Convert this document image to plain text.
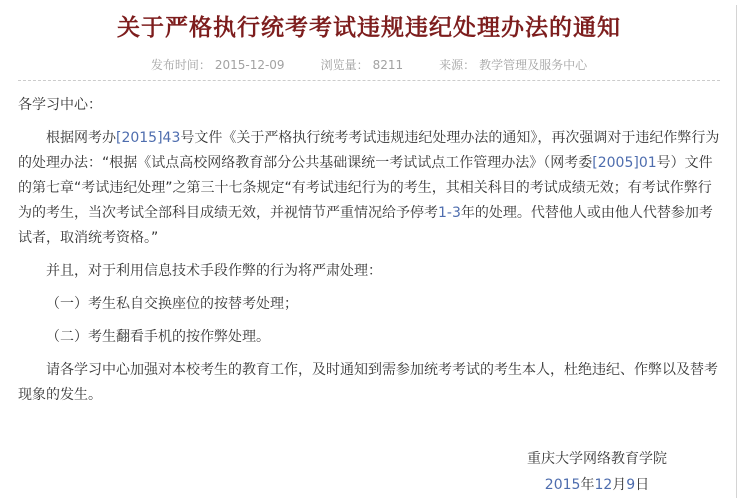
关于严格执行统考考试违规违纪处理办法的通知
发布时间： 2015-12-09	浏览量： 8211	来源： 教学管理及服务中心

各学习中心：

根据网考办[2015]43号文件《关于严格执行统考考试违规违纪处理办法的通知》，再次强调对于违纪作弊行为的处理办法：“根据《试点高校网络教育部分公共基础课统一考试试点工作管理办法》（网考委[2005]01号）文件的第七章“考试违纪处理”之第三十七条规定“有考试违纪行为的考生，其相关科目的考试成绩无效；有考试作弊行为的考生，当次考试全部科目成绩无效，并视情节严重情况给予停考1-3年的处理。代替他人或由他人代替参加考试者，取消统考资格。”

并且，对于利用信息技术手段作弊的行为将严肃处理：

（一）考生私自交换座位的按替考处理；

（二）考生翻看手机的按作弊处理。

请各学习中心加强对本校考生的教育工作，及时通知到需参加统考考试的考生本人，杜绝违纪、作弊以及替考现象的发生。

重庆大学网络教育学院
2015年12月9日
